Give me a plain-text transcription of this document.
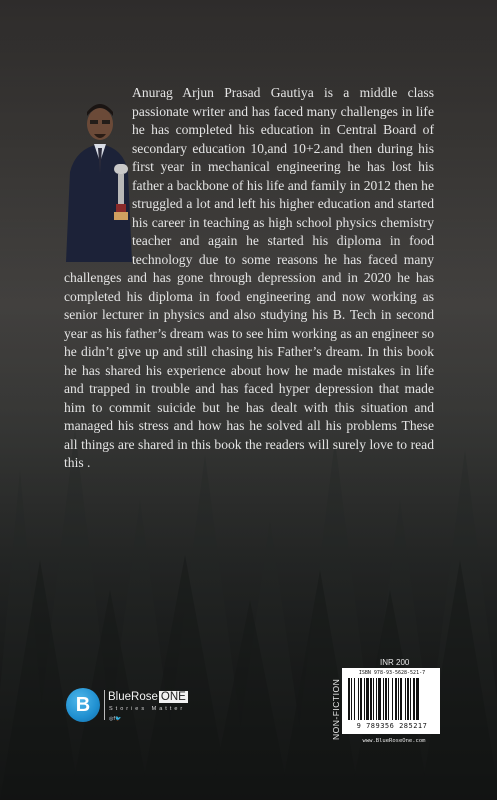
Anurag Arjun Prasad Gautiya is a middle class passionate writer and has faced many challenges in life he has completed his education in Central Board of secondary education 10,and 10+2.and then during his first year in mechanical engineering he has lost his father a backbone of his life and family in 2012 then he struggled a lot and left his higher education and started his career in teaching as high school physics chemistry teacher and again he started his diploma in food technology due to some reasons he has faced many challenges and has gone through depression and in 2020 he has completed his diploma in food engineering and now working as senior lecturer in physics and also studying his B. Tech in second year as his father’s dream was to see him working as an engineer so he didn’t give up and still chasing his Father’s dream. In this book he has shared his experience about how he made mistakes in life and trapped in trouble and has faced hyper depression that made him to commit suicide but he has dealt with this situation and managed his stress and how has he solved all his problems These all things are shared in this book the readers will surely love to read this .

B	BlueRose ONE
Stories Matter
◎f🐦
INR 200
NON-FICTION
ISBN 978-93-5628-521-7
9 789356 285217
www.BlueRoseOne.com
